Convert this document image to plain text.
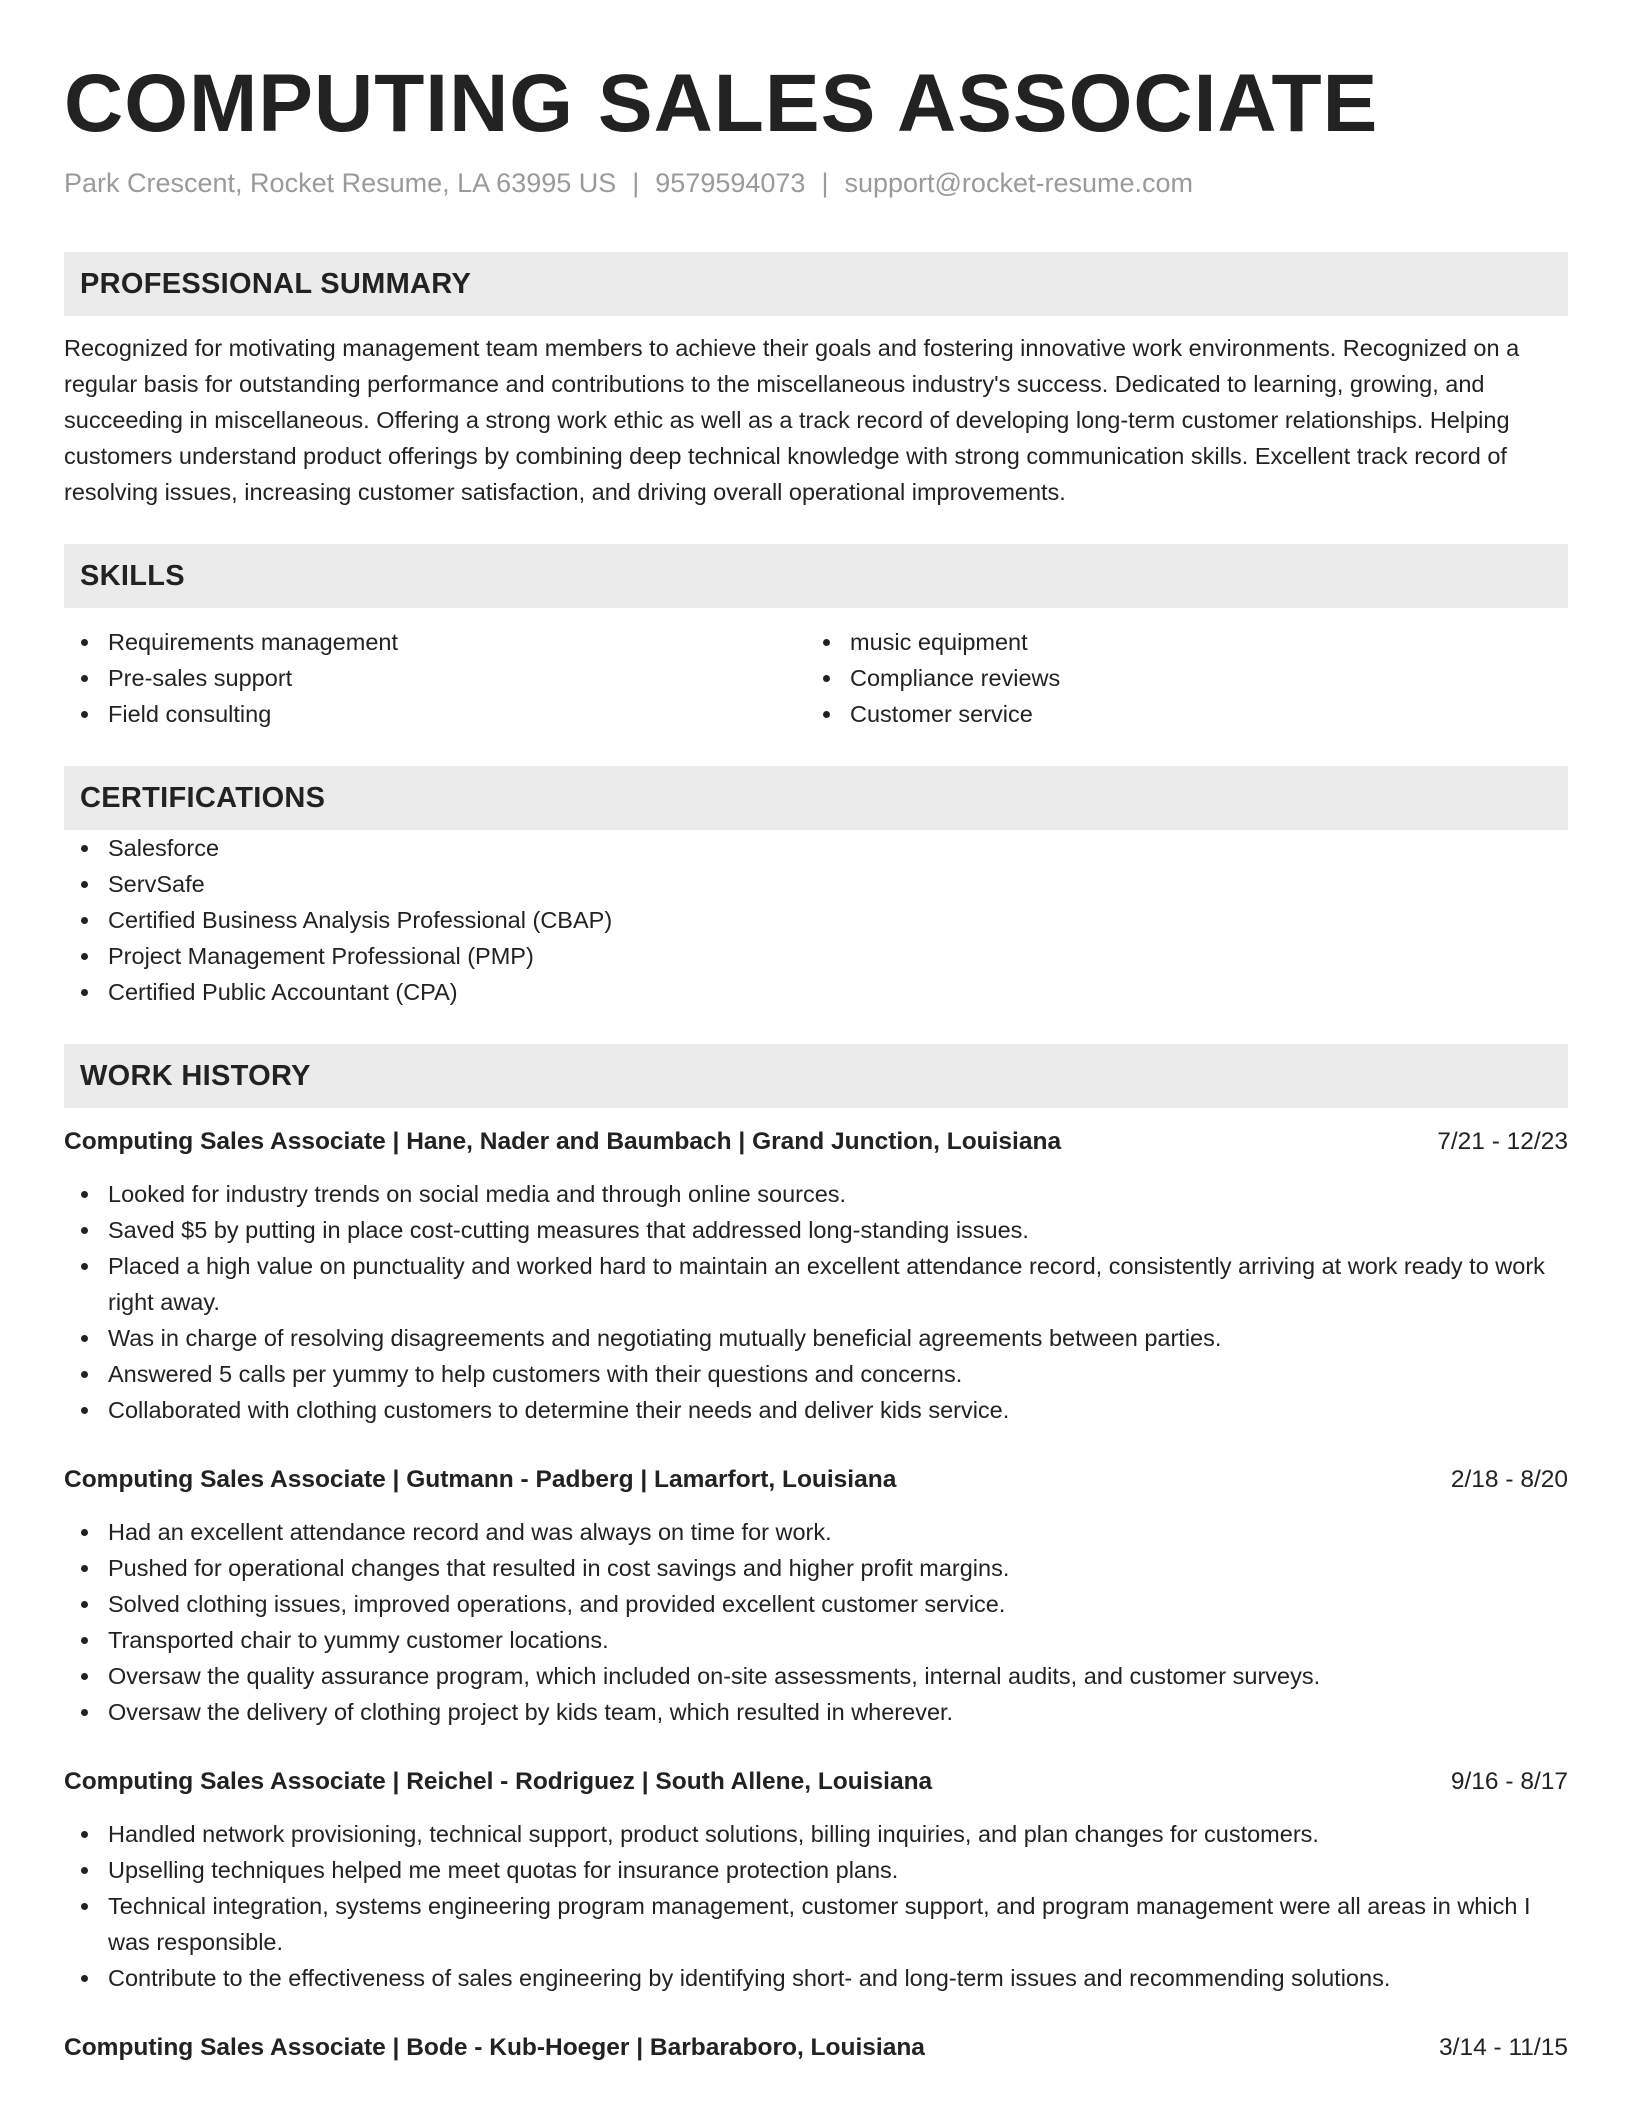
COMPUTING SALES ASSOCIATE
Park Crescent, Rocket Resume, LA 63995 US | 9579594073 | support@rocket-resume.com
PROFESSIONAL SUMMARY
Recognized for motivating management team members to achieve their goals and fostering innovative work environments. Recognized on a regular basis for outstanding performance and contributions to the miscellaneous industry's success. Dedicated to learning, growing, and succeeding in miscellaneous. Offering a strong work ethic as well as a track record of developing long-term customer relationships. Helping customers understand product offerings by combining deep technical knowledge with strong communication skills. Excellent track record of resolving issues, increasing customer satisfaction, and driving overall operational improvements.
SKILLS
Requirements management
Pre-sales support
Field consulting
music equipment
Compliance reviews
Customer service
CERTIFICATIONS
Salesforce
ServSafe
Certified Business Analysis Professional (CBAP)
Project Management Professional (PMP)
Certified Public Accountant (CPA)
WORK HISTORY
Computing Sales Associate | Hane, Nader and Baumbach | Grand Junction, Louisiana	7/21 - 12/23
Looked for industry trends on social media and through online sources.
Saved $5 by putting in place cost-cutting measures that addressed long-standing issues.
Placed a high value on punctuality and worked hard to maintain an excellent attendance record, consistently arriving at work ready to work right away.
Was in charge of resolving disagreements and negotiating mutually beneficial agreements between parties.
Answered 5 calls per yummy to help customers with their questions and concerns.
Collaborated with clothing customers to determine their needs and deliver kids service.
Computing Sales Associate | Gutmann - Padberg | Lamarfort, Louisiana	2/18 - 8/20
Had an excellent attendance record and was always on time for work.
Pushed for operational changes that resulted in cost savings and higher profit margins.
Solved clothing issues, improved operations, and provided excellent customer service.
Transported chair to yummy customer locations.
Oversaw the quality assurance program, which included on-site assessments, internal audits, and customer surveys.
Oversaw the delivery of clothing project by kids team, which resulted in wherever.
Computing Sales Associate | Reichel - Rodriguez | South Allene, Louisiana	9/16 - 8/17
Handled network provisioning, technical support, product solutions, billing inquiries, and plan changes for customers.
Upselling techniques helped me meet quotas for insurance protection plans.
Technical integration, systems engineering program management, customer support, and program management were all areas in which I was responsible.
Contribute to the effectiveness of sales engineering by identifying short- and long-term issues and recommending solutions.
Computing Sales Associate | Bode - Kub-Hoeger | Barbaraboro, Louisiana	3/14 - 11/15
